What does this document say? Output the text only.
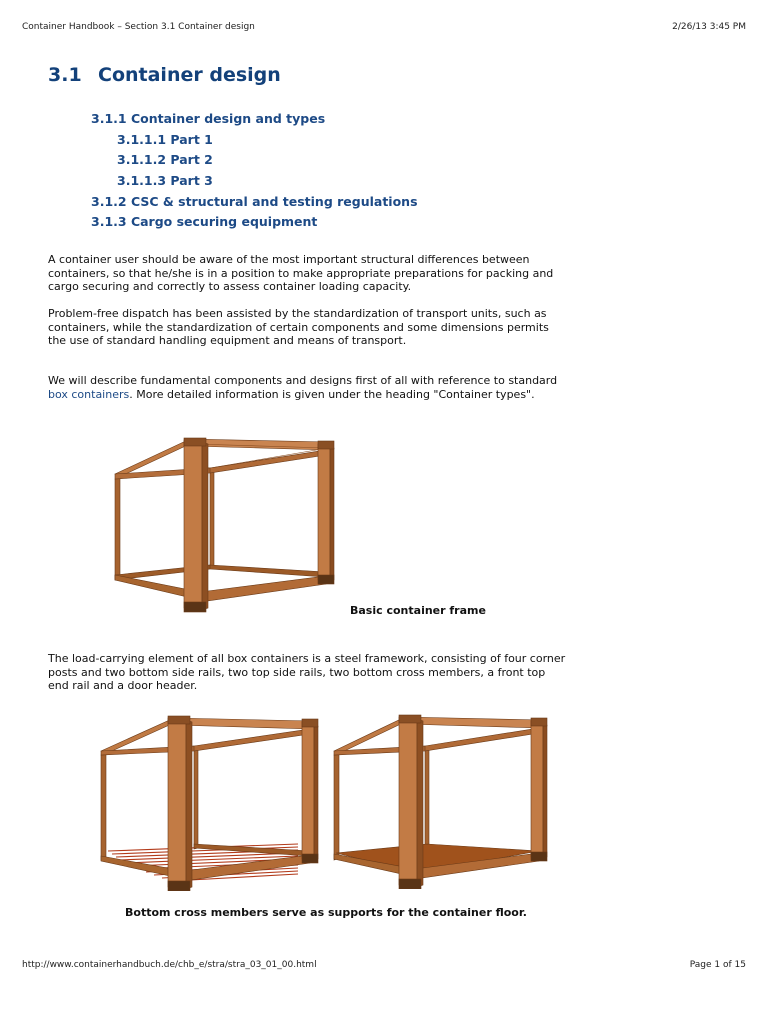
Container Handbook – Section 3.1 Container design	2/26/13 3:45 PM
3.1 Container design
3.1.1 Container design and types
3.1.1.1 Part 1
3.1.1.2 Part 2
3.1.1.3 Part 3
3.1.2 CSC & structural and testing regulations
3.1.3 Cargo securing equipment

A container user should be aware of the most important structural differences between containers, so that he/she is in a position to make appropriate preparations for packing and cargo securing and correctly to assess container loading capacity.

Problem-free dispatch has been assisted by the standardization of transport units, such as containers, while the standardization of certain components and some dimensions permits the use of standard handling equipment and means of transport.

We will describe fundamental components and designs first of all with reference to standard box containers. More detailed information is given under the heading "Container types".

Basic container frame

The load-carrying element of all box containers is a steel framework, consisting of four corner posts and two bottom side rails, two top side rails, two bottom cross members, a front top end rail and a door header.

Bottom cross members serve as supports for the container floor.

http://www.containerhandbuch.de/chb_e/stra/stra_03_01_00.html	Page 1 of 15
